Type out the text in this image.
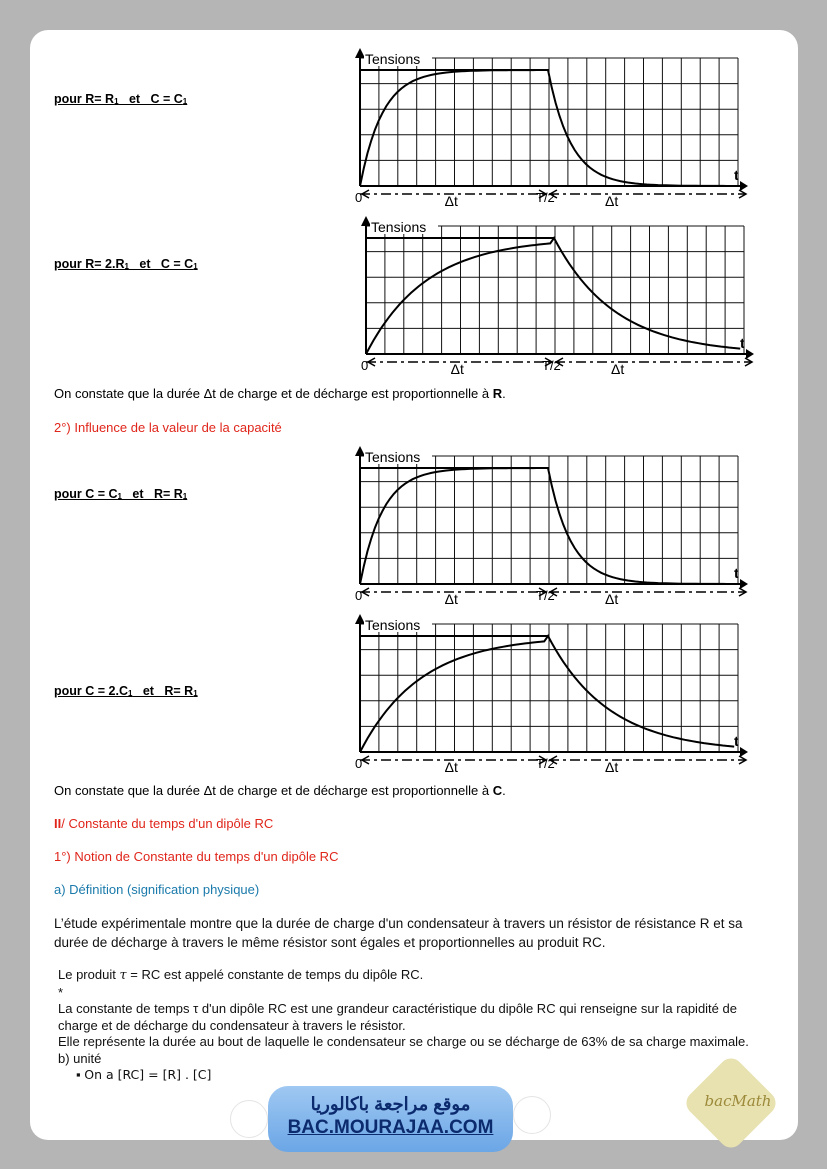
pour $R= R_1$   et   $C = C_1$
pour $R= 2.R_1$   et   $C = C_1$
pour $C = C_1$   et   $R= R_1$
pour $C = 2.C_1$   et   $R= R_1$
Tensions
t
0	Δt	T/2	Δt
Tensions
t
0	Δt	T/2	Δt
Tensions
t
0	Δt	T/2	Δt
Tensions
t
0	Δt	T/2	Δt
On constate que la durée Δt de charge et de décharge est proportionnelle à R.
2°) Influence de la valeur de la capacité
On constate que la durée Δt de charge et de décharge est proportionnelle à C.
II/ Constante du temps d'un dipôle RC
1°) Notion de Constante du temps d'un dipôle RC
a) Définition (signification physique)
L’étude expérimentale montre que la durée de charge d'un condensateur à travers un résistor de résistance R et sa durée de décharge à travers le même résistor sont égales et proportionnelles au produit RC.
Le produit τ = RC est appelé constante de temps du dipôle RC.
*
La constante de temps τ d'un dipôle RC est une grandeur caractéristique du dipôle RC qui renseigne sur la rapidité de charge et de décharge du condensateur à travers le résistor.
Elle représente la durée au bout de laquelle le condensateur se charge ou se décharge de 63% de sa charge maximale.
b) unité
▪ On a [RC] = [R] . [C]
موقع مراجعة باكالوريا
BAC.MOURAJAA.COM
bacMath
